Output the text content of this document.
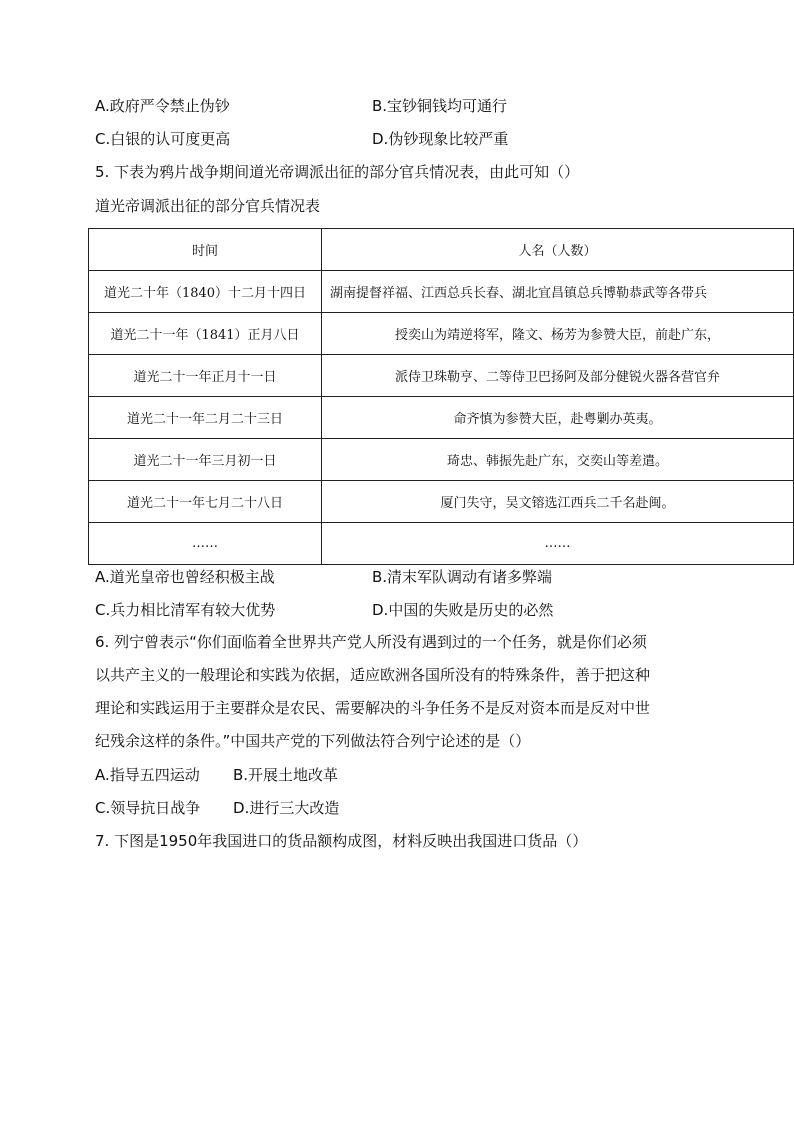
A.政府严令禁止伪钞	B.宝钞铜钱均可通行
C.白银的认可度更高	D.伪钞现象比较严重
5. 下表为鸦片战争期间道光帝调派出征的部分官兵情况表，由此可知（）
道光帝调派出征的部分官兵情况表
时间	人名（人数）
道光二十年（1840）十二月十四日	湖南提督祥福、江西总兵长春、湖北宜昌镇总兵博勒恭武等各带兵
道光二十一年（1841）正月八日	授奕山为靖逆将军，隆文、杨芳为参赞大臣，前赴广东，
道光二十一年正月十一日	派侍卫珠勒亨、二等侍卫巴扬阿及部分健锐火器各营官弁
道光二十一年二月二十三日	命齐慎为参赞大臣，赴粤剿办英夷。
道光二十一年三月初一日	琦忠、韩振先赴广东，交奕山等差遣。
道光二十一年七月二十八日	厦门失守，吴文镕选江西兵二千名赴闽。
……	……
A.道光皇帝也曾经积极主战	B.清末军队调动有诸多弊端
C.兵力相比清军有较大优势	D.中国的失败是历史的必然
6. 列宁曾表示“你们面临着全世界共产党人所没有遇到过的一个任务，就是你们必须
以共产主义的一般理论和实践为依据，适应欧洲各国所没有的特殊条件，善于把这种
理论和实践运用于主要群众是农民、需要解决的斗争任务不是反对资本而是反对中世
纪残余这样的条件。”中国共产党的下列做法符合列宁论述的是（）
A.指导五四运动 B.开展土地改革
C.领导抗日战争 D.进行三大改造
7. 下图是1950年我国进口的货品额构成图，材料反映出我国进口货品（）
